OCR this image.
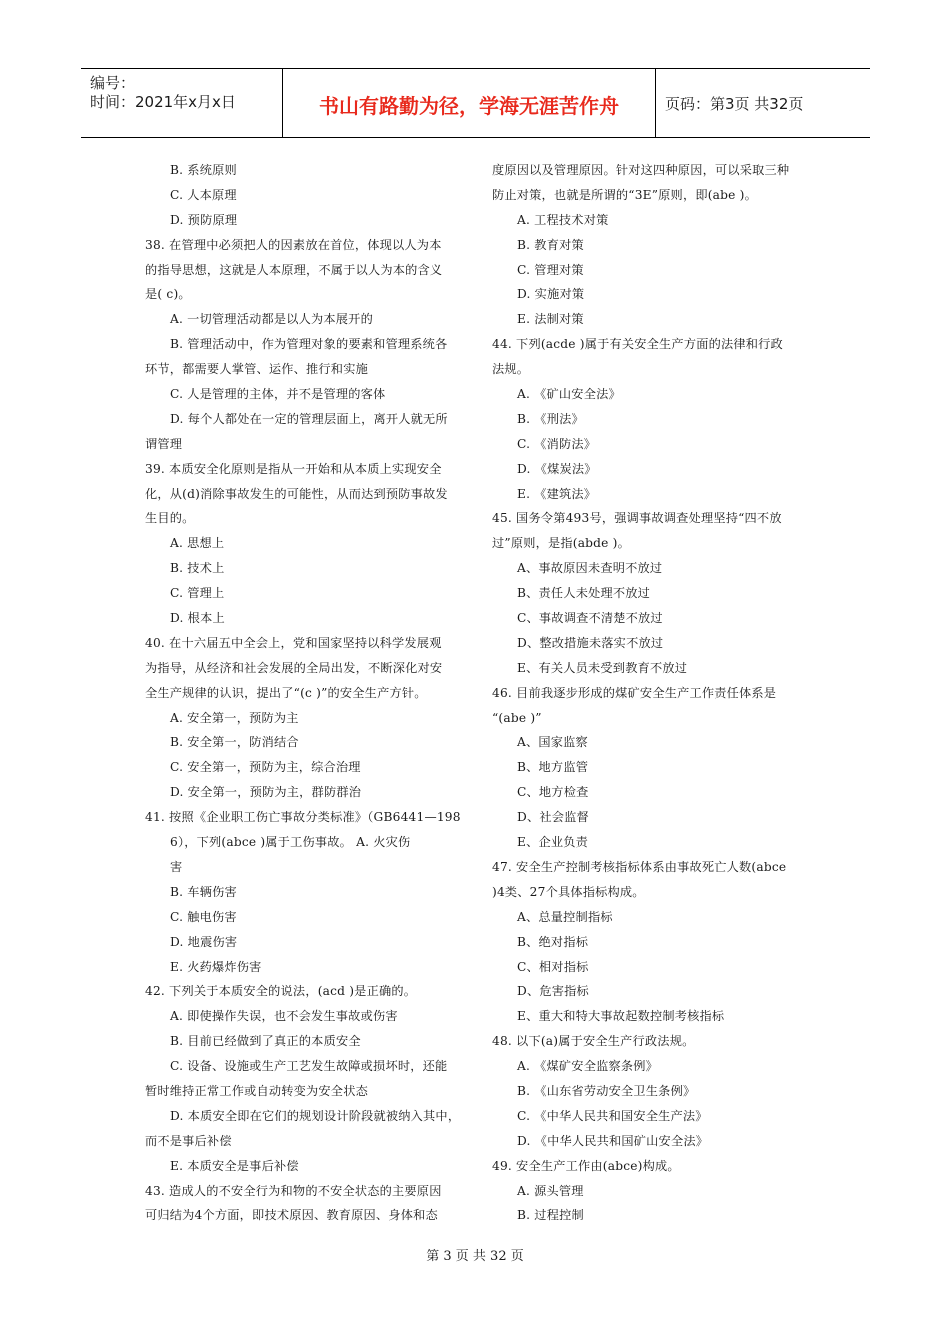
编号：
时间：2021年x月x日	书山有路勤为径，学海无涯苦作舟	页码：第3页 共32页
B. 系统原则
C. 人本原理
D. 预防原理
38. 在管理中必须把人的因素放在首位，体现以人为本
的指导思想，这就是人本原理，不属于以人为本的含义
是( c)。
A. 一切管理活动都是以人为本展开的
B. 管理活动中，作为管理对象的要素和管理系统各
环节，都需要人掌管、运作、推行和实施
C. 人是管理的主体，并不是管理的客体
D. 每个人都处在一定的管理层面上，离开人就无所
谓管理
39. 本质安全化原则是指从一开始和从本质上实现安全
化，从(d)消除事故发生的可能性，从而达到预防事故发
生目的。
A. 思想上
B. 技术上
C. 管理上
D. 根本上
40. 在十六届五中全会上，党和国家坚持以科学发展观
为指导，从经济和社会发展的全局出发，不断深化对安
全生产规律的认识，提出了“(c )”的安全生产方针。
A. 安全第一，预防为主
B. 安全第一，防消结合
C. 安全第一，预防为主，综合治理
D. 安全第一，预防为主，群防群治
41. 按照《企业职工伤亡事故分类标准》（GB6441—198
6），下列(abce )属于工伤事故。 A. 火灾伤
害
B. 车辆伤害
C. 触电伤害
D. 地震伤害
E. 火药爆炸伤害
42. 下列关于本质安全的说法，(acd )是正确的。
A. 即使操作失误，也不会发生事故或伤害
B. 目前已经做到了真正的本质安全
C. 设备、设施或生产工艺发生故障或损坏时，还能
暂时维持正常工作或自动转变为安全状态
D. 本质安全即在它们的规划设计阶段就被纳入其中，
而不是事后补偿
E. 本质安全是事后补偿
43. 造成人的不安全行为和物的不安全状态的主要原因
可归结为4个方面，即技术原因、教育原因、身体和态
度原因以及管理原因。针对这四种原因，可以采取三种
防止对策，也就是所谓的“3E”原则，即(abe )。
A. 工程技术对策
B. 教育对策
C. 管理对策
D. 实施对策
E. 法制对策
44. 下列(acde )属于有关安全生产方面的法律和行政
法规。
A. 《矿山安全法》
B. 《刑法》
C. 《消防法》
D. 《煤炭法》
E. 《建筑法》
45. 国务令第493号，强调事故调查处理坚持“四不放
过”原则，是指(abde )。
A、事故原因未查明不放过
B、责任人未处理不放过
C、事故调查不清楚不放过
D、整改措施未落实不放过
E、有关人员未受到教育不放过
46. 目前我逐步形成的煤矿安全生产工作责任体系是
“(abe )”
A、国家监察
B、地方监管
C、地方检查
D、社会监督
E、企业负责
47. 安全生产控制考核指标体系由事故死亡人数(abce
)4类、27个具体指标构成。
A、总量控制指标
B、绝对指标
C、相对指标
D、危害指标
E、重大和特大事故起数控制考核指标
48. 以下(a)属于安全生产行政法规。
A. 《煤矿安全监察条例》
B. 《山东省劳动安全卫生条例》
C. 《中华人民共和国安全生产法》
D. 《中华人民共和国矿山安全法》
49. 安全生产工作由(abce)构成。
A. 源头管理
B. 过程控制
第 3 页 共 32 页
